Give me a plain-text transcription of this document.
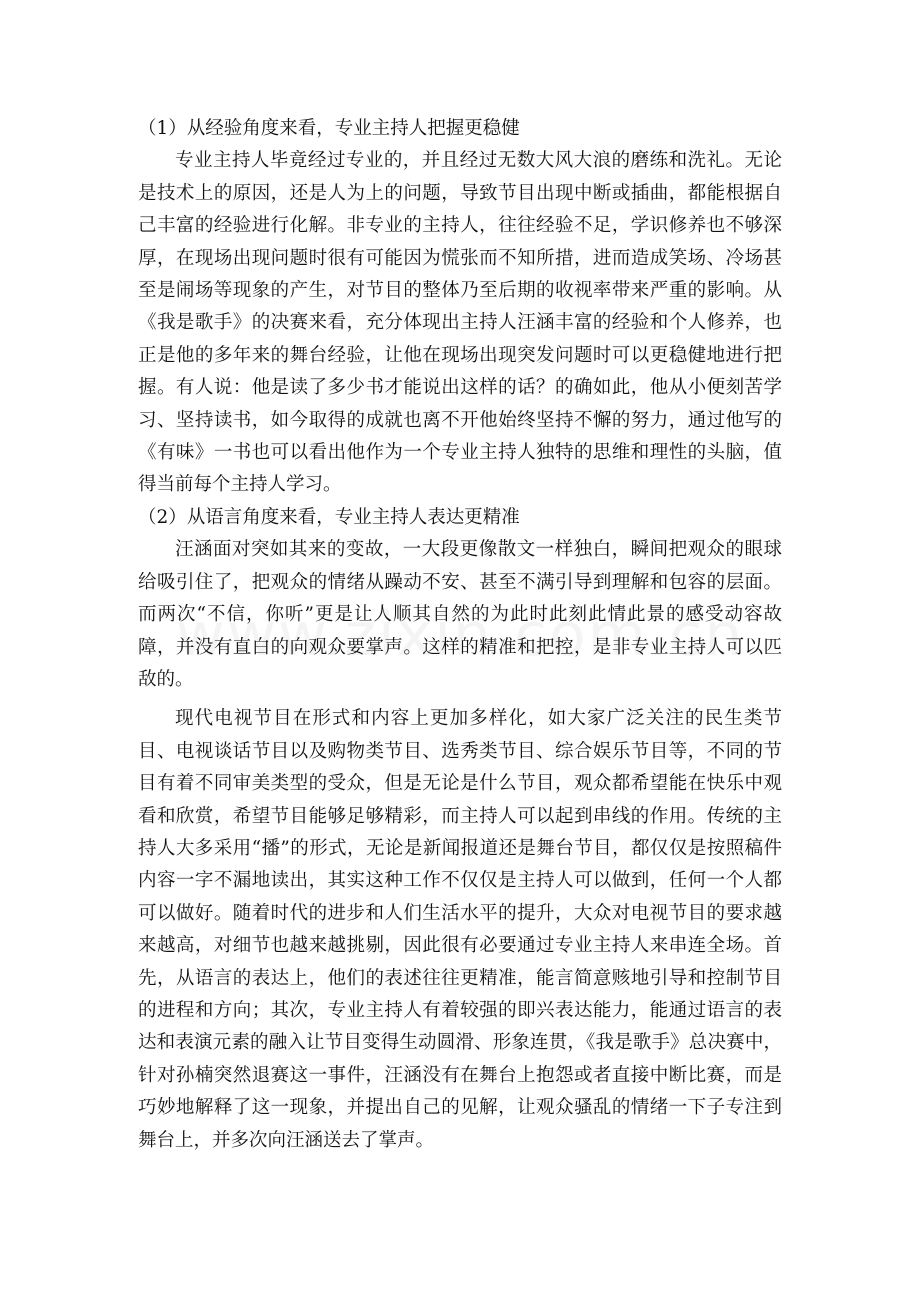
（1）从经验角度来看，专业主持人把握更稳健

专业主持人毕竟经过专业的，并且经过无数大风大浪的磨练和洗礼。无论是技术上的原因，还是人为上的问题，导致节目出现中断或插曲，都能根据自己丰富的经验进行化解。非专业的主持人，往往经验不足，学识修养也不够深厚，在现场出现问题时很有可能因为慌张而不知所措，进而造成笑场、冷场甚至是闹场等现象的产生，对节目的整体乃至后期的收视率带来严重的影响。从《我是歌手》的决赛来看，充分体现出主持人汪涵丰富的经验和个人修养，也正是他的多年来的舞台经验，让他在现场出现突发问题时可以更稳健地进行把握。有人说：他是读了多少书才能说出这样的话？的确如此，他从小便刻苦学习、坚持读书，如今取得的成就也离不开他始终坚持不懈的努力，通过他写的《有味》一书也可以看出他作为一个专业主持人独特的思维和理性的头脑，值得当前每个主持人学习。

（2）从语言角度来看，专业主持人表达更精准

汪涵面对突如其来的变故，一大段更像散文一样独白，瞬间把观众的眼球给吸引住了，把观众的情绪从躁动不安、甚至不满引导到理解和包容的层面。而两次“不信，你听”更是让人顺其自然的为此时此刻此情此景的感受动容故障，并没有直白的向观众要掌声。这样的精准和把控，是非专业主持人可以匹敌的。

现代电视节目在形式和内容上更加多样化，如大家广泛关注的民生类节目、电视谈话节目以及购物类节目、选秀类节目、综合娱乐节目等，不同的节目有着不同审美类型的受众，但是无论是什么节目，观众都希望能在快乐中观看和欣赏，希望节目能够足够精彩，而主持人可以起到串线的作用。传统的主持人大多采用“播”的形式，无论是新闻报道还是舞台节目，都仅仅是按照稿件内容一字不漏地读出，其实这种工作不仅仅是主持人可以做到，任何一个人都可以做好。随着时代的进步和人们生活水平的提升，大众对电视节目的要求越来越高，对细节也越来越挑剔，因此很有必要通过专业主持人来串连全场。首先，从语言的表达上，他们的表述往往更精准，能言简意赅地引导和控制节目的进程和方向；其次，专业主持人有着较强的即兴表达能力，能通过语言的表达和表演元素的融入让节目变得生动圆滑、形象连贯，《我是歌手》总决赛中，针对孙楠突然退赛这一事件，汪涵没有在舞台上抱怨或者直接中断比赛，而是巧妙地解释了这一现象，并提出自己的见解，让观众骚乱的情绪一下子专注到舞台上，并多次向汪涵送去了掌声。
